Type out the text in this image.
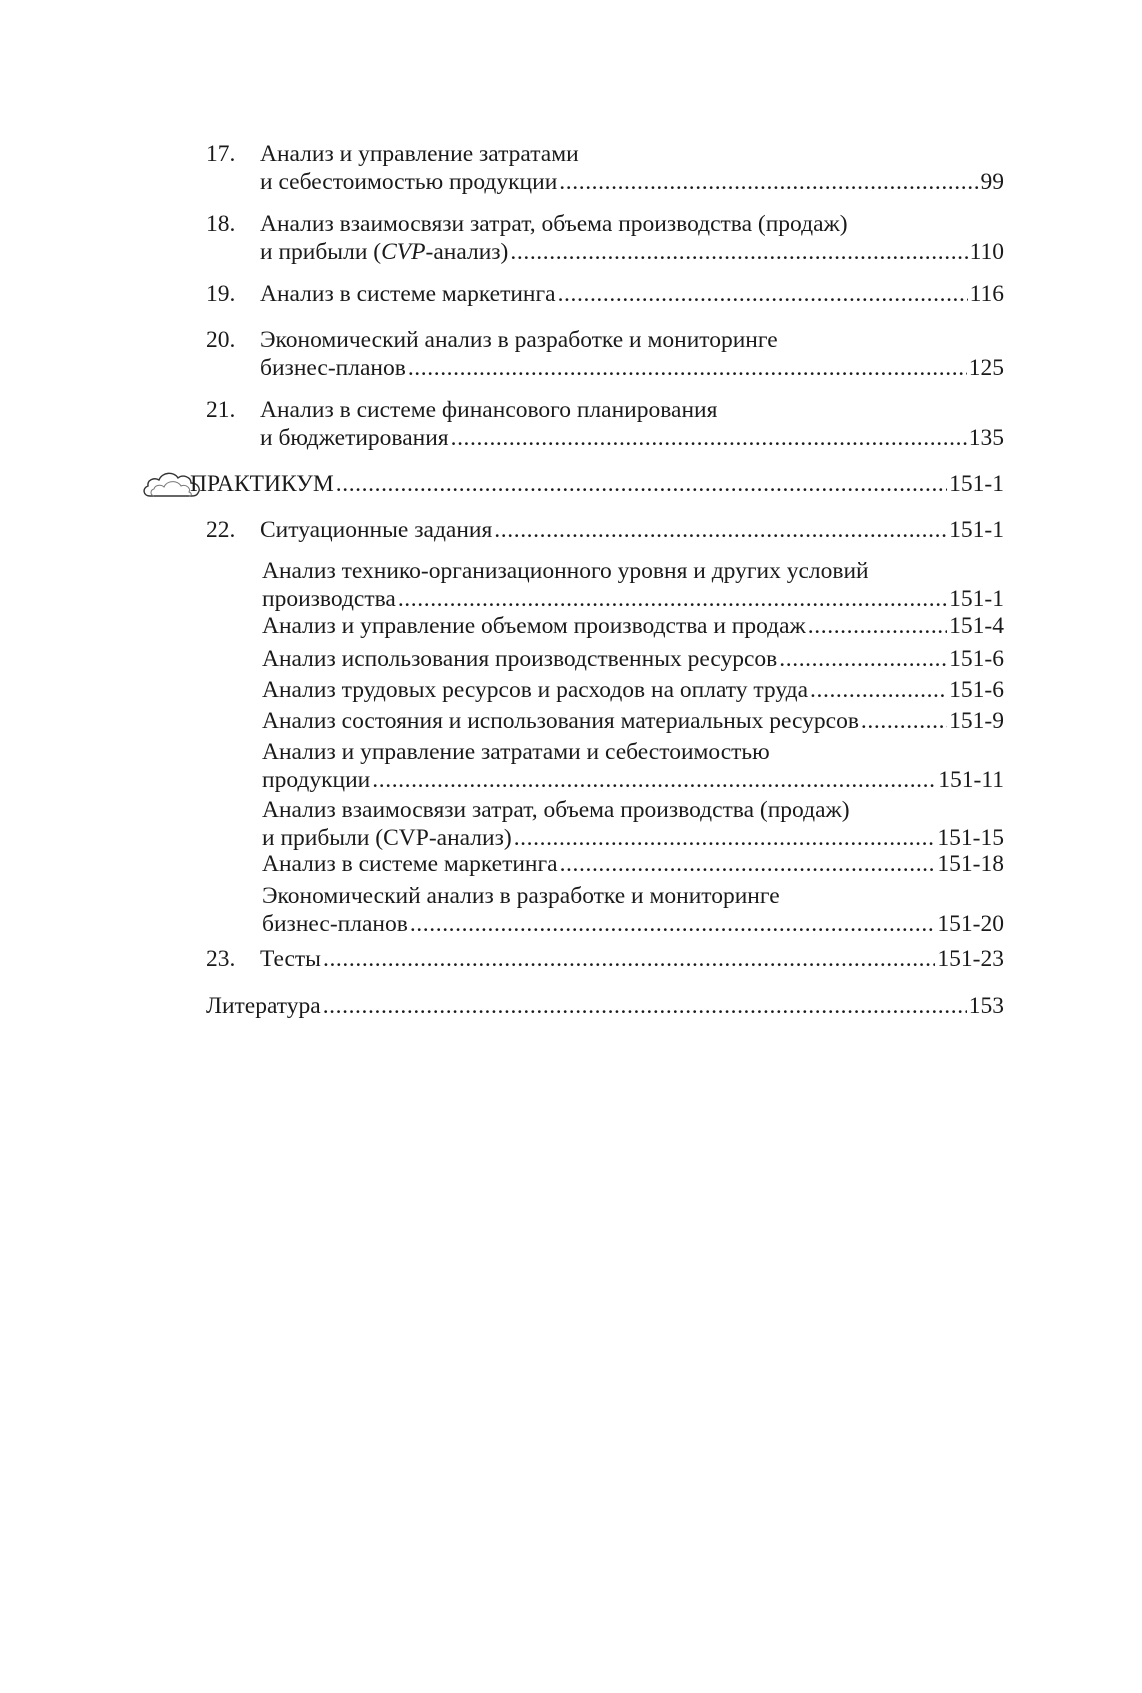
17.	Анализ и управление затратами
и себестоимостью продукции .....	99
18.	Анализ взаимосвязи затрат, объема производства (продаж)
и прибыли (CVP-анализ) .....	110
19.	Анализ в системе маркетинга .....	116
20.	Экономический анализ в разработке и мониторинге
бизнес-планов .....	125
21.	Анализ в системе финансового планирования
и бюджетирования .....	135
ПРАКТИКУМ .....	151-1
22.	Ситуационные задания .....	151-1
Анализ технико-организационного уровня и других условий
производства .....	151-1
Анализ и управление объемом производства и продаж .....	151-4
Анализ использования производственных ресурсов .....	151-6
Анализ трудовых ресурсов и расходов на оплату труда .....	151-6
Анализ состояния и использования материальных ресурсов .....	151-9
Анализ и управление затратами и себестоимостью
продукции .....	151-11
Анализ взаимосвязи затрат, объема производства (продаж)
и прибыли (CVP-анализ) .....	151-15
Анализ в системе маркетинга .....	151-18
Экономический анализ в разработке и мониторинге
бизнес-планов .....	151-20
23.	Тесты .....	151-23
Литература .....	153
